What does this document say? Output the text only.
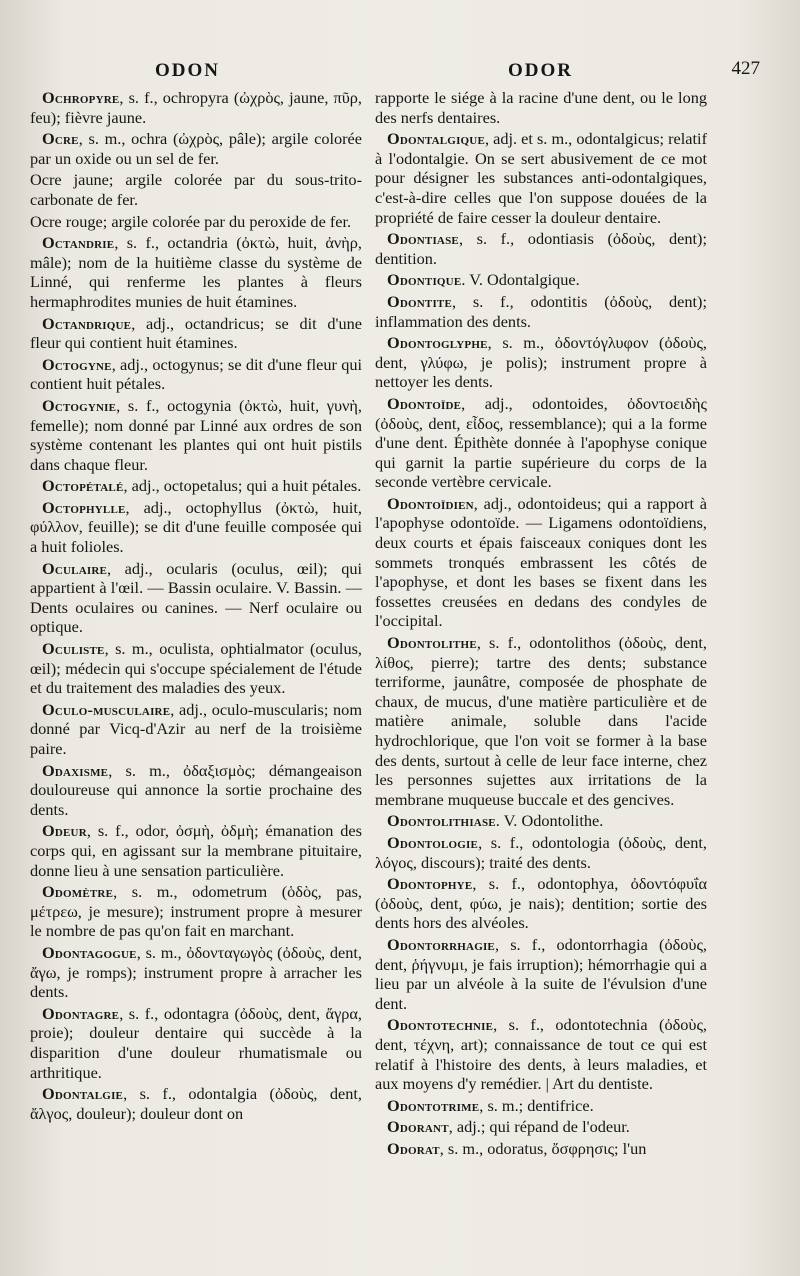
ODON	ODOR	427

Ochropyre, s. f., ochropyra (ὠχρὸς, jaune, πῦρ, feu); fièvre jaune.

Ocre, s. m., ochra (ὠχρὸς, pâle); argile colorée par un oxide ou un sel de fer.

Ocre jaune; argile colorée par du sous-trito-carbonate de fer.

Ocre rouge; argile colorée par du peroxide de fer.

Octandrie, s. f., octandria (ὀκτὼ, huit, ἀνὴρ, mâle); nom de la huitième classe du système de Linné, qui renferme les plantes à fleurs hermaphrodites munies de huit étamines.

Octandrique, adj., octandricus; se dit d'une fleur qui contient huit étamines.

Octogyne, adj., octogynus; se dit d'une fleur qui contient huit pétales.

Octogynie, s. f., octogynia (ὀκτὼ, huit, γυνὴ, femelle); nom donné par Linné aux ordres de son système contenant les plantes qui ont huit pistils dans chaque fleur.

Octopétalé, adj., octopetalus; qui a huit pétales.

Octophylle, adj., octophyllus (ὀκτὼ, huit, φύλλον, feuille); se dit d'une feuille composée qui a huit folioles.

Oculaire, adj., ocularis (oculus, œil); qui appartient à l'œil. — Bassin oculaire. V. Bassin. — Dents oculaires ou canines. — Nerf oculaire ou optique.

Oculiste, s. m., oculista, ophtialmator (oculus, œil); médecin qui s'occupe spécialement de l'étude et du traitement des maladies des yeux.

Oculo-musculaire, adj., oculo-muscularis; nom donné par Vicq-d'Azir au nerf de la troisième paire.

Odaxisme, s. m., ὀδαξισμὸς; démangeaison douloureuse qui annonce la sortie prochaine des dents.

Odeur, s. f., odor, ὀσμὴ, ὀδμὴ; émanation des corps qui, en agissant sur la membrane pituitaire, donne lieu à une sensation particulière.

Odomètre, s. m., odometrum (ὁδὸς, pas, μέτρεω, je mesure); instrument propre à mesurer le nombre de pas qu'on fait en marchant.

Odontagogue, s. m., ὀδονταγωγὸς (ὀδοὺς, dent, ἄγω, je romps); instrument propre à arracher les dents.

Odontagre, s. f., odontagra (ὀδοὺς, dent, ἄγρα, proie); douleur dentaire qui succède à la disparition d'une douleur rhumatismale ou arthritique.

Odontalgie, s. f., odontalgia (ὀδοὺς, dent, ἄλγος, douleur); douleur dont on

rapporte le siége à la racine d'une dent, ou le long des nerfs dentaires.

Odontalgique, adj. et s. m., odontalgicus; relatif à l'odontalgie. On se sert abusivement de ce mot pour désigner les substances anti-odontalgiques, c'est-à-dire celles que l'on suppose douées de la propriété de faire cesser la douleur dentaire.

Odontiase, s. f., odontiasis (ὀδοὺς, dent); dentition.

Odontique. V. Odontalgique.

Odontite, s. f., odontitis (ὀδοὺς, dent); inflammation des dents.

Odontoglyphe, s. m., ὀδοντόγλυφον (ὀδοὺς, dent, γλύφω, je polis); instrument propre à nettoyer les dents.

Odontoïde, adj., odontoides, ὀδοντοειδὴς (ὀδοὺς, dent, εἶδος, ressemblance); qui a la forme d'une dent. Épithète donnée à l'apophyse conique qui garnit la partie supérieure du corps de la seconde vertèbre cervicale.

Odontoïdien, adj., odontoideus; qui a rapport à l'apophyse odontoïde. — Ligamens odontoïdiens, deux courts et épais faisceaux coniques dont les sommets tronqués embrassent les côtés de l'apophyse, et dont les bases se fixent dans les fossettes creusées en dedans des condyles de l'occipital.

Odontolithe, s. f., odontolithos (ὀδοὺς, dent, λίθος, pierre); tartre des dents; substance terriforme, jaunâtre, composée de phosphate de chaux, de mucus, d'une matière particulière et de matière animale, soluble dans l'acide hydrochlorique, que l'on voit se former à la base des dents, surtout à celle de leur face interne, chez les personnes sujettes aux irritations de la membrane muqueuse buccale et des gencives.

Odontolithiase. V. Odontolithe.

Odontologie, s. f., odontologia (ὀδοὺς, dent, λόγος, discours); traité des dents.

Odontophye, s. f., odontophya, ὀδοντόφυΐα (ὀδοὺς, dent, φύω, je nais); dentition; sortie des dents hors des alvéoles.

Odontorrhagie, s. f., odontorrhagia (ὀδοὺς, dent, ῥήγνυμι, je fais irruption); hémorrhagie qui a lieu par un alvéole à la suite de l'évulsion d'une dent.

Odontotechnie, s. f., odontotechnia (ὀδοὺς, dent, τέχνη, art); connaissance de tout ce qui est relatif à l'histoire des dents, à leurs maladies, et aux moyens d'y remédier. | Art du dentiste.

Odontotrime, s. m.; dentifrice.

Odorant, adj.; qui répand de l'odeur.

Odorat, s. m., odoratus, ὄσφρησις; l'un
